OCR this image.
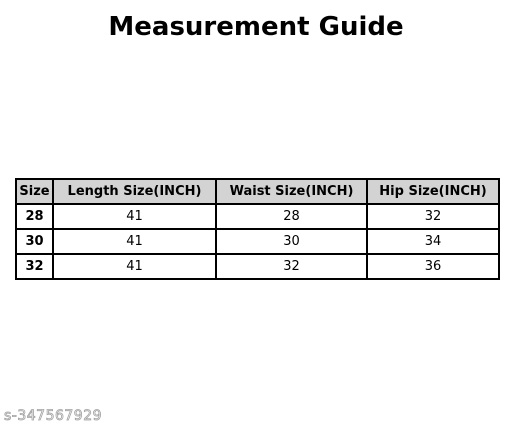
Measurement Guide
Size	Length Size(INCH)	Waist Size(INCH)	Hip Size(INCH)
28	41	28	32
30	41	30	34
32	41	32	36
s-347567929
